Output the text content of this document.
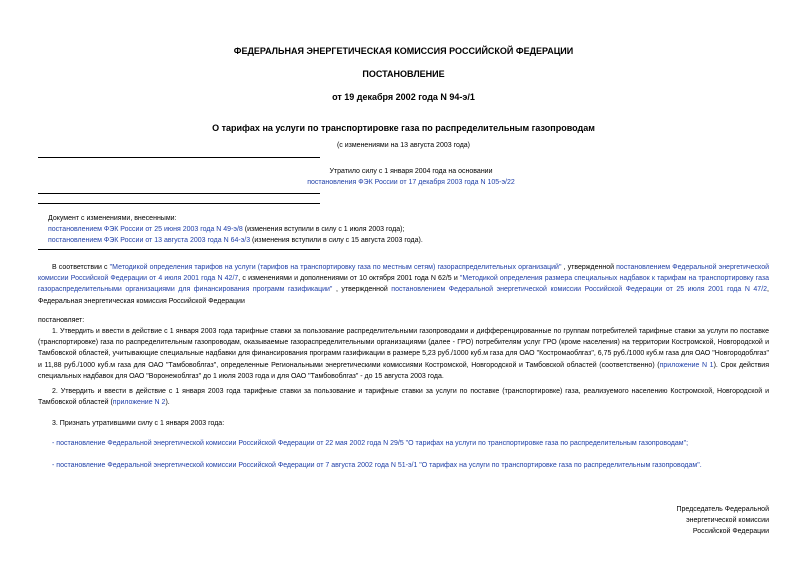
ФЕДЕРАЛЬНАЯ ЭНЕРГЕТИЧЕСКАЯ КОМИССИЯ РОССИЙСКОЙ ФЕДЕРАЦИИ
ПОСТАНОВЛЕНИЕ
от 19 декабря 2002 года N 94-э/1
О тарифах на услуги по транспортировке газа по распределительным газопроводам
(с изменениями на 13 августа 2003 года)
Утратило силу с 1 января 2004 года на основании
постановления ФЭК России от 17 декабря 2003 года N 105-э/22
Документ с изменениями, внесенными:
постановлением ФЭК России от 25 июня 2003 года N 49-э/8 (изменения вступили в силу с 1 июля 2003 года);
постановлением ФЭК России от 13 августа 2003 года N 64-э/3 (изменения вступили в силу с 15 августа 2003 года).
В соответствии с "Методикой определения тарифов на услуги (тарифов на транспортировку газа по местным сетям) газораспределительных организаций" , утвержденной постановлением Федеральной энергетической комиссии Российской Федерации от 4 июля 2001 года N 42/7, с изменениями и дополнениями от 10 октября 2001 года N 62/5 и "Методикой определения размера специальных надбавок к тарифам на транспортировку газа газораспределительными организациями для финансирования программ газификации" , утвержденной постановлением Федеральной энергетической комиссии Российской Федерации от 25 июля 2001 года N 47/2, Федеральная энергетическая комиссия Российской Федерации
постановляет:
1. Утвердить и ввести в действие с 1 января 2003 года тарифные ставки за пользование распределительными газопроводами и дифференцированные по группам потребителей тарифные ставки за услуги по поставке (транспортировке) газа по распределительным газопроводам, оказываемые газораспределительными организациями (далее - ГРО) потребителям услуг ГРО (кроме населения) на территории Костромской, Новгородской и Тамбовской областей, учитывающие специальные надбавки для финансирования программ газификации в размере 5,23 руб./1000 куб.м газа для ОАО "Костромаоблгаз", 6,75 руб./1000 куб.м газа для ОАО "Новгородоблгаз" и 11,88 руб./1000 куб.м газа для ОАО "Тамбовоблгаз", определенные Региональными энергетическими комиссиями Костромской, Новгородской и Тамбовской областей (соответственно) (приложение N 1). Срок действия специальных надбавок для ОАО "Воронежоблгаз" до 1 июля 2003 года и для ОАО "Тамбовоблгаз" - до 15 августа 2003 года.
2. Утвердить и ввести в действие с 1 января 2003 года тарифные ставки за пользование и тарифные ставки за услуги по поставке (транспортировке) газа, реализуемого населению Костромской, Новгородской и Тамбовской областей (приложение N 2).
3. Признать утратившими силу с 1 января 2003 года:
- постановление Федеральной энергетической комиссии Российской Федерации от 22 мая 2002 года N 29/5 "О тарифах на услуги по транспортировке газа по распределительным газопроводам";
- постановление Федеральной энергетической комиссии Российской Федерации от 7 августа 2002 года N 51-э/1 "О тарифах на услуги по транспортировке газа по распределительным газопроводам".
Председатель Федеральной
энергетической комиссии
Российской Федерации
